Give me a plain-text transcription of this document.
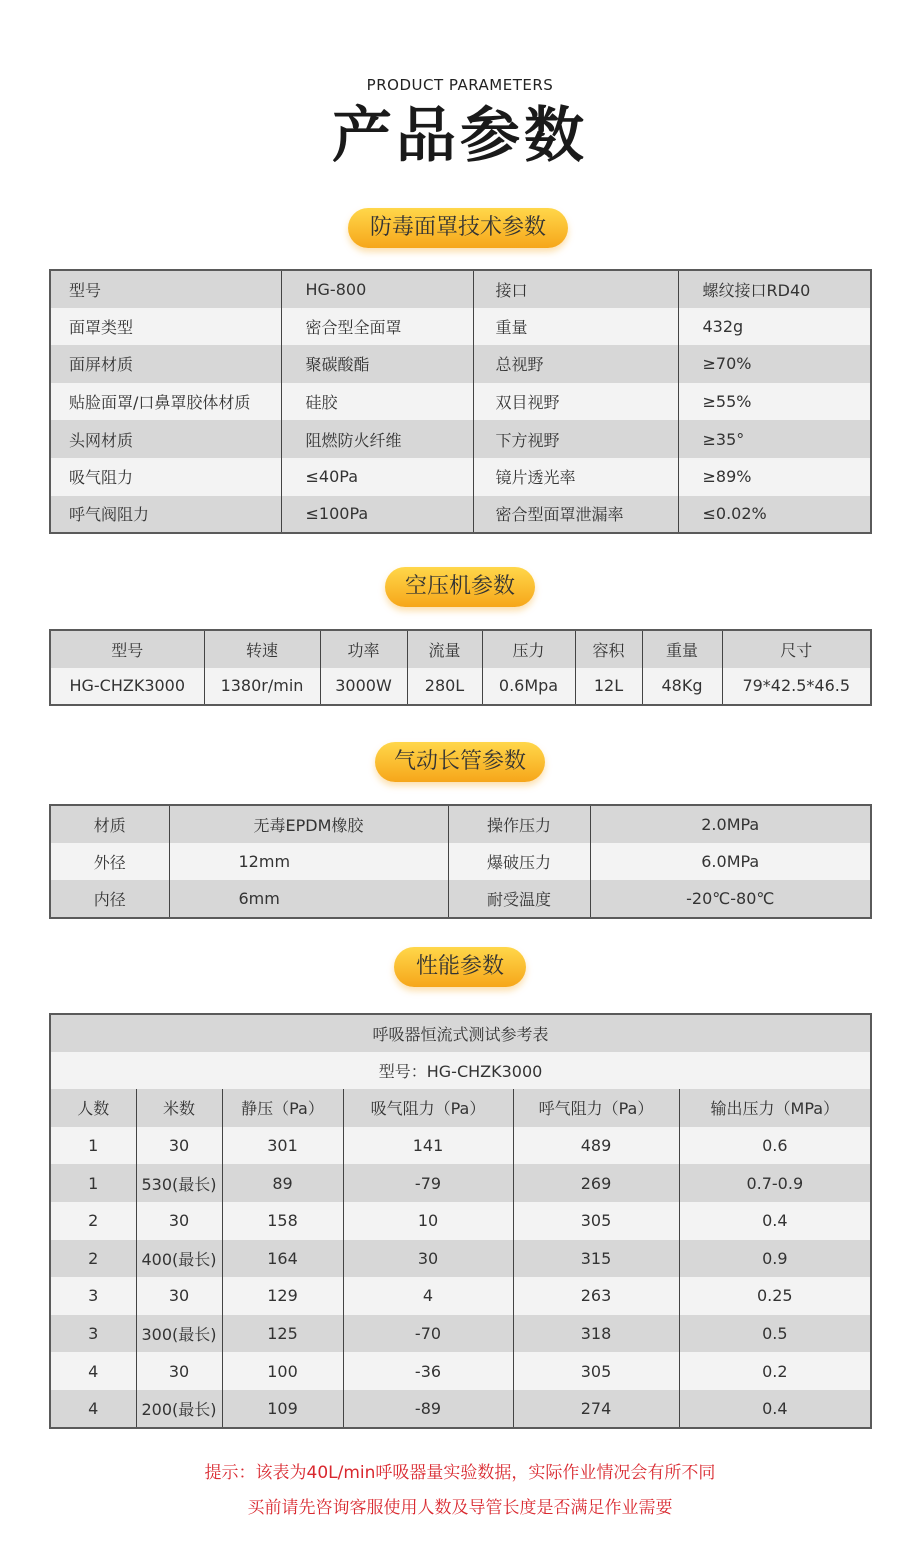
PRODUCT PARAMETERS
产品参数
防毒面罩技术参数
型号	HG-800	接口	螺纹接口RD40
面罩类型	密合型全面罩	重量	432g
面屏材质	聚碳酸酯	总视野	≥70%
贴脸面罩/口鼻罩胶体材质	硅胶	双目视野	≥55%
头网材质	阻燃防火纤维	下方视野	≥35°
吸气阻力	≤40Pa	镜片透光率	≥89%
呼气阀阻力	≤100Pa	密合型面罩泄漏率	≤0.02%
空压机参数
型号	转速	功率	流量	压力	容积	重量	尺寸
HG-CHZK3000	1380r/min	3000W	280L	0.6Mpa	12L	48Kg	79*42.5*46.5
气动长管参数
材质	无毒EPDM橡胶	操作压力	2.0MPa
外径	12mm	爆破压力	6.0MPa
内径	6mm	耐受温度	-20℃-80℃
性能参数
呼吸器恒流式测试参考表					
型号：HG-CHZK3000					
人数	米数	静压（Pa）	吸气阻力（Pa）	呼气阻力（Pa）	输出压力（MPa）
1	30	301	141	489	0.6
1	530(最长)	89	-79	269	0.7-0.9
2	30	158	10	305	0.4
2	400(最长)	164	30	315	0.9
3	30	129	4	263	0.25
3	300(最长)	125	-70	318	0.5
4	30	100	-36	305	0.2
4	200(最长)	109	-89	274	0.4
提示：该表为40L/min呼吸器量实验数据，实际作业情况会有所不同
买前请先咨询客服使用人数及导管长度是否满足作业需要
